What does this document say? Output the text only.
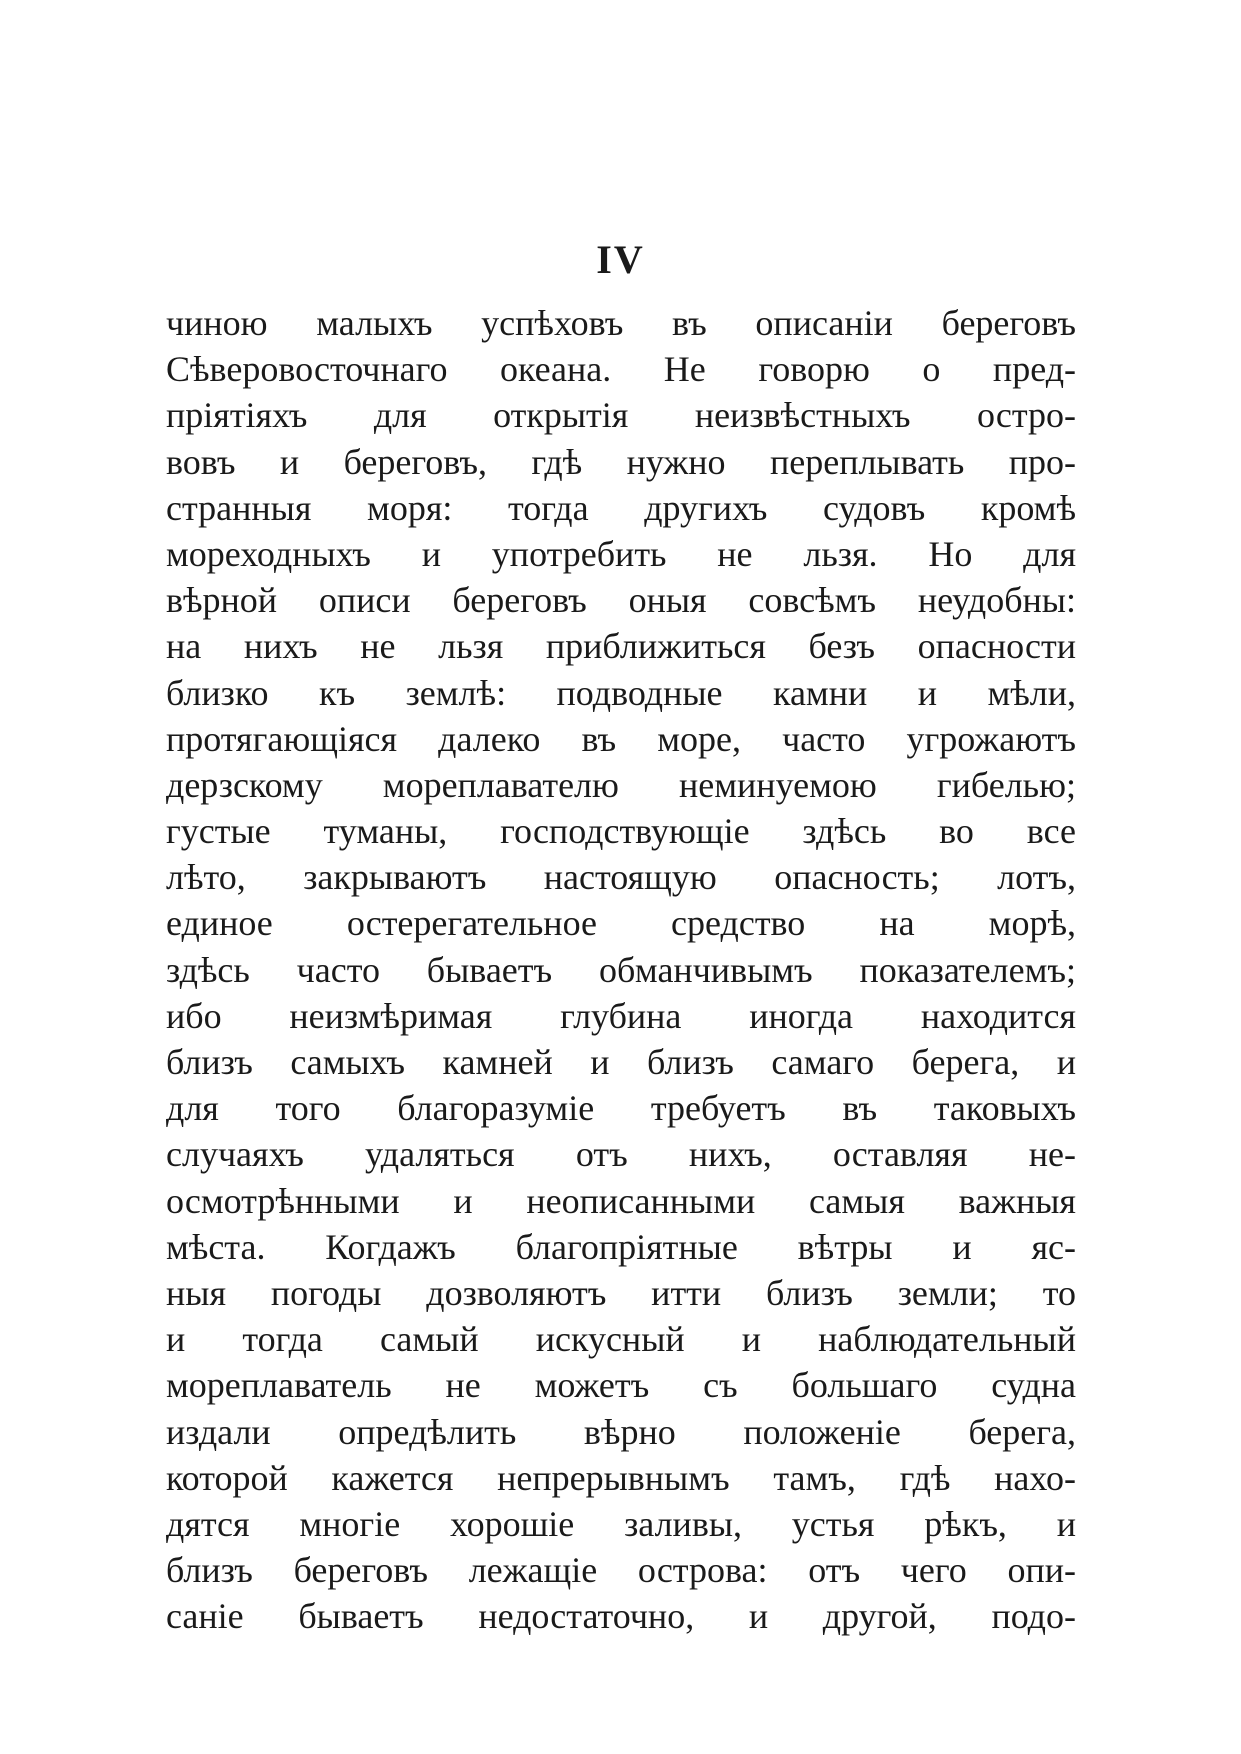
IV
чиною малыхъ успѣховъ въ описаніи береговъ
Сѣверовосточнаго океана. Не говорю о пред-
пріятіяхъ для открытія неизвѣстныхъ остро-
вовъ и береговъ, гдѣ нужно переплывать про-
странныя моря: тогда другихъ судовъ кромѣ
мореходныхъ и употребить не льзя. Но для
вѣрной описи береговъ оныя совсѣмъ неудобны:
на нихъ не льзя приближиться безъ опасности
близко къ землѣ: подводные камни и мѣли,
протягающіяся далеко въ море, часто угрожаютъ
дерзскому мореплавателю неминуемою гибелью;
густые туманы, господствующіе здѣсь во все
лѣто, закрываютъ настоящую опасность; лотъ,
единое остерегательное средство на морѣ,
здѣсь часто бываетъ обманчивымъ показателемъ;
ибо неизмѣримая глубина иногда находится
близъ самыхъ камней и близъ самаго берега, и
для того благоразуміе требуетъ въ таковыхъ
случаяхъ удаляться отъ нихъ, оставляя не-
осмотрѣнными и неописанными самыя важныя
мѣста. Когдажъ благопріятные вѣтры и яс-
ныя погоды дозволяютъ итти близъ земли; то
и тогда самый искусный и наблюдательный
мореплаватель не можетъ съ большаго судна
издали опредѣлить вѣрно положеніе берега,
которой кажется непрерывнымъ тамъ, гдѣ нахо-
дятся многіе хорошіе заливы, устья рѣкъ, и
близъ береговъ лежащіе острова: отъ чего опи-
саніе бываетъ недостаточно, и другой, подо-
